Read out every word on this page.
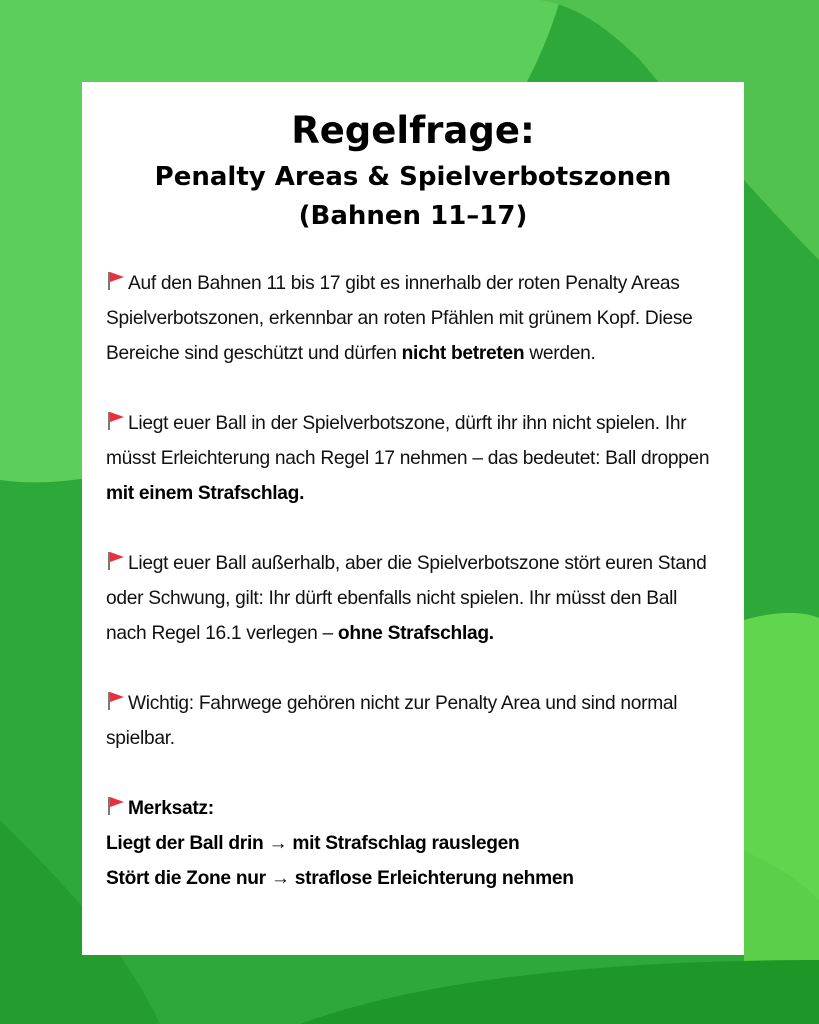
Regelfrage:
Penalty Areas & Spielverbotszonen
(Bahnen 11–17)

Auf den Bahnen 11 bis 17 gibt es innerhalb der roten Penalty Areas Spielverbotszonen, erkennbar an roten Pfählen mit grünem Kopf. Diese Bereiche sind geschützt und dürfen nicht betreten werden.

Liegt euer Ball in der Spielverbotszone, dürft ihr ihn nicht spielen. Ihr müsst Erleichterung nach Regel 17 nehmen – das bedeutet: Ball droppen mit einem Strafschlag.

Liegt euer Ball außerhalb, aber die Spielverbotszone stört euren Stand oder Schwung, gilt: Ihr dürft ebenfalls nicht spielen. Ihr müsst den Ball nach Regel 16.1 verlegen – ohne Strafschlag.

Wichtig: Fahrwege gehören nicht zur Penalty Area und sind normal spielbar.

Merksatz:
Liegt der Ball drin → mit Strafschlag rauslegen
Stört die Zone nur → straflose Erleichterung nehmen
